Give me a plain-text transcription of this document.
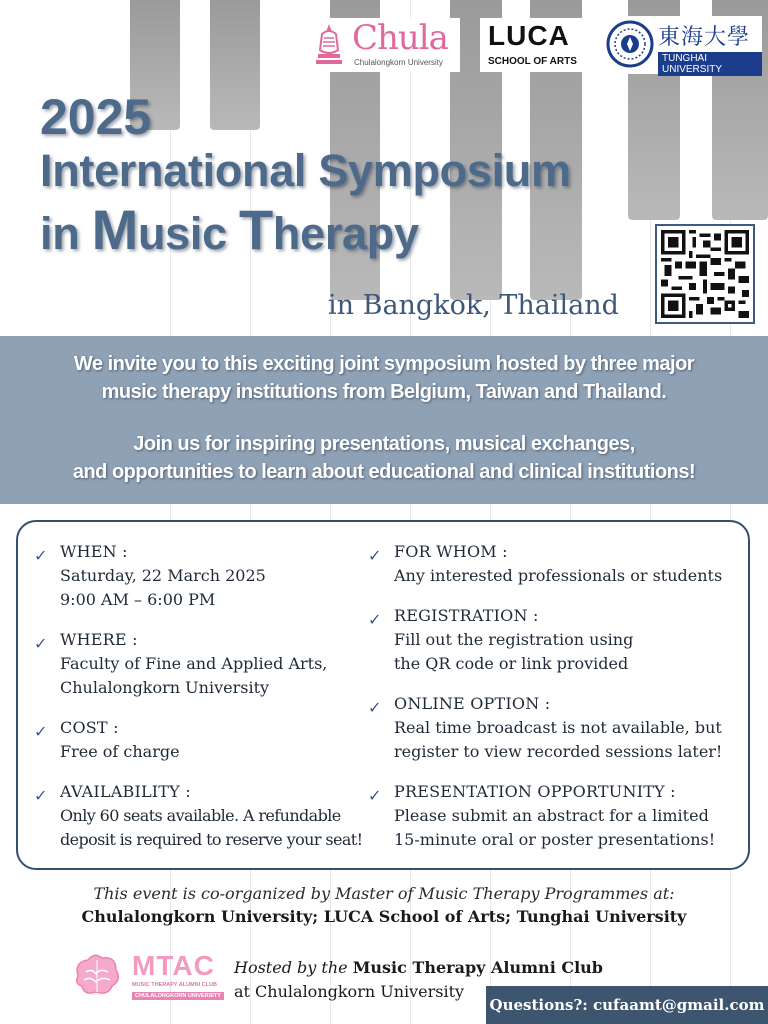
Chula
Chulalongkorn University
LUCA
SCHOOL OF ARTS
東海大學
TUNGHAI UNIVERSITY
2025
International Symposium
in Music Therapy
in Bangkok, Thailand

We invite you to this exciting joint symposium hosted by three major

music therapy institutions from Belgium, Taiwan and Thailand.

Join us for inspiring presentations, musical exchanges,

and opportunities to learn about educational and clinical institutions!

✓ WHEN :
Saturday, 22 March 2025
9:00 AM – 6:00 PM
✓ WHERE :
Faculty of Fine and Applied Arts,
Chulalongkorn University
✓ COST :
Free of charge
✓ AVAILABILITY :
Only 60 seats available. A refundable
deposit is required to reserve your seat!
✓ FOR WHOM :
Any interested professionals or students
✓ REGISTRATION :
Fill out the registration using
the QR code or link provided
✓ ONLINE OPTION :
Real time broadcast is not available, but
register to view recorded sessions later!
✓ PRESENTATION OPPORTUNITY :
Please submit an abstract for a limited
15-minute oral or poster presentations!
This event is co-organized by Master of Music Therapy Programmes at:
Chulalongkorn University; LUCA School of Arts; Tunghai University
MTAC
MUSIC THERAPY ALUMNI CLUB
CHULALONGKORN UNIVERSITY
Hosted by the Music Therapy Alumni Club
at Chulalongkorn University
Questions?: cufaamt@gmail.com
